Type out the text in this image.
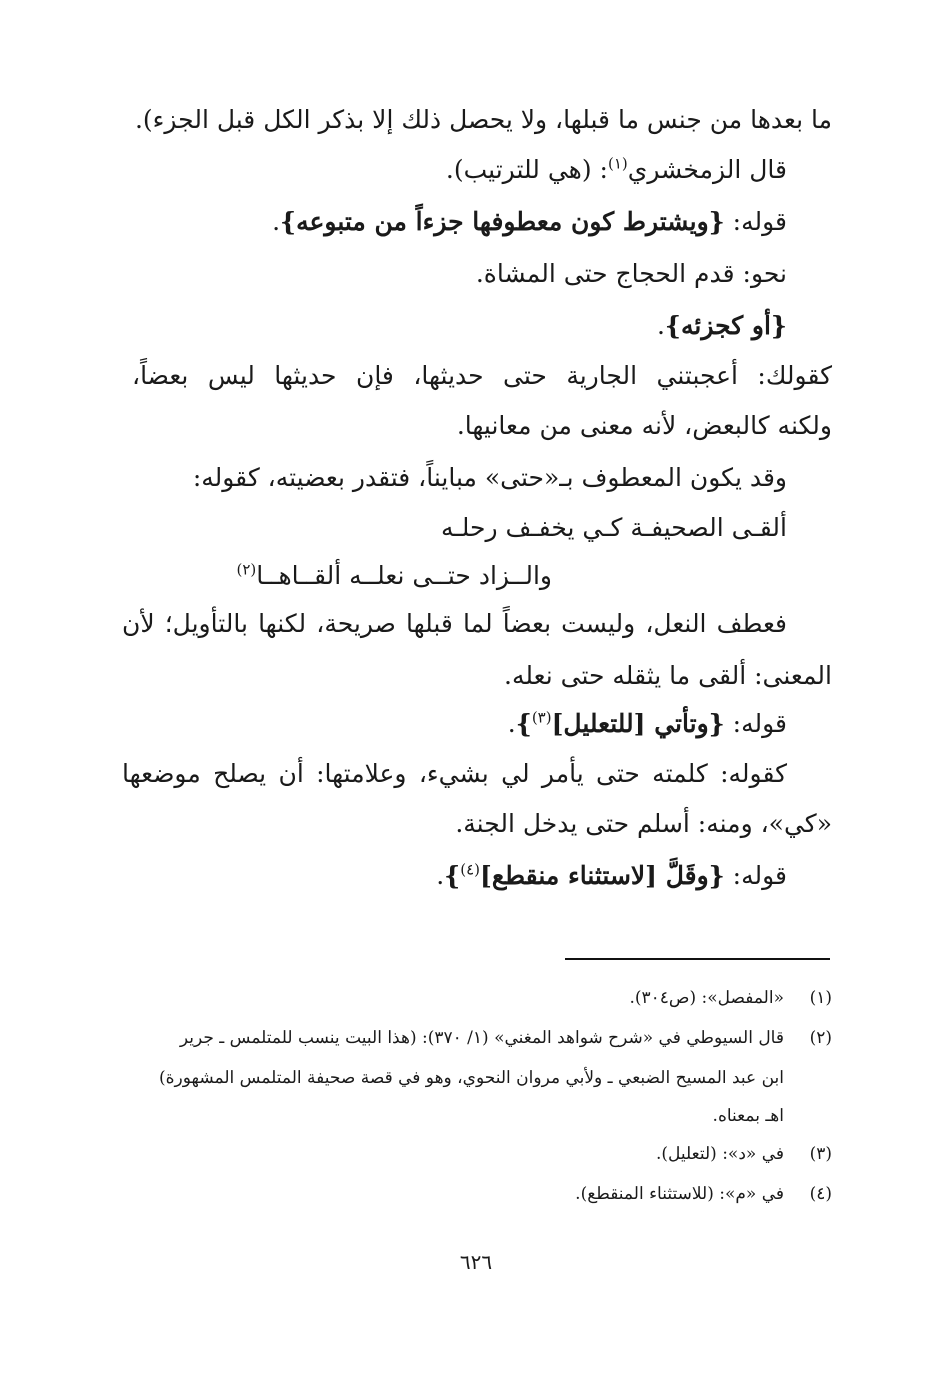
ما بعدها من جنس ما قبلها، ولا يحصل ذلك إلا بذكر الكل قبل الجزء).
قال الزمخشري$^{(١)}$: (هي للترتيب).
قوله: {ويشترط كون معطوفها جزءاً من متبوعه}.
نحو: قدم الحجاج حتى المشاة.
{أو كجزئه}.
كقولك: أعجبتني الجارية حتى حديثها، فإن حديثها ليس بعضاً،
ولكنه كالبعض، لأنه معنى من معانيها.
وقد يكون المعطوف بـ«حتى» مبايناً، فتقدر بعضيته، كقوله:
ألقـى الصحيفـة كـي يخفـف رحلـه
والــزاد حتــى نعلــه ألقــاهــا$^{(٢)}$
فعطف النعل، وليست بعضاً لما قبلها صريحة، لكنها بالتأويل؛ لأن
المعنى: ألقى ما يثقله حتى نعله.
قوله: {وتأتي [للتعليل]$^{(٣)}$}.
كقوله: كلمته حتى يأمر لي بشيء، وعلامتها: أن يصلح موضعها
«كي»، ومنه: أسلم حتى يدخل الجنة.
قوله: {وقَلَّ [لاستثناء منقطع]$^{(٤)}$}.
(١)«المفصل»: (ص٣٠٤).
(٢)قال السيوطي في «شرح شواهد المغني» (١/ ٣٧٠): (هذا البيت ينسب للمتلمس ـ جرير
ابن عبد المسيح الضبعي ـ ولأبي مروان النحوي، وهو في قصة صحيفة المتلمس المشهورة)
اهـ بمعناه.
(٣)في «د»: (لتعليل).
(٤)في «م»: (للاستثناء المنقطع).
٦٢٦
